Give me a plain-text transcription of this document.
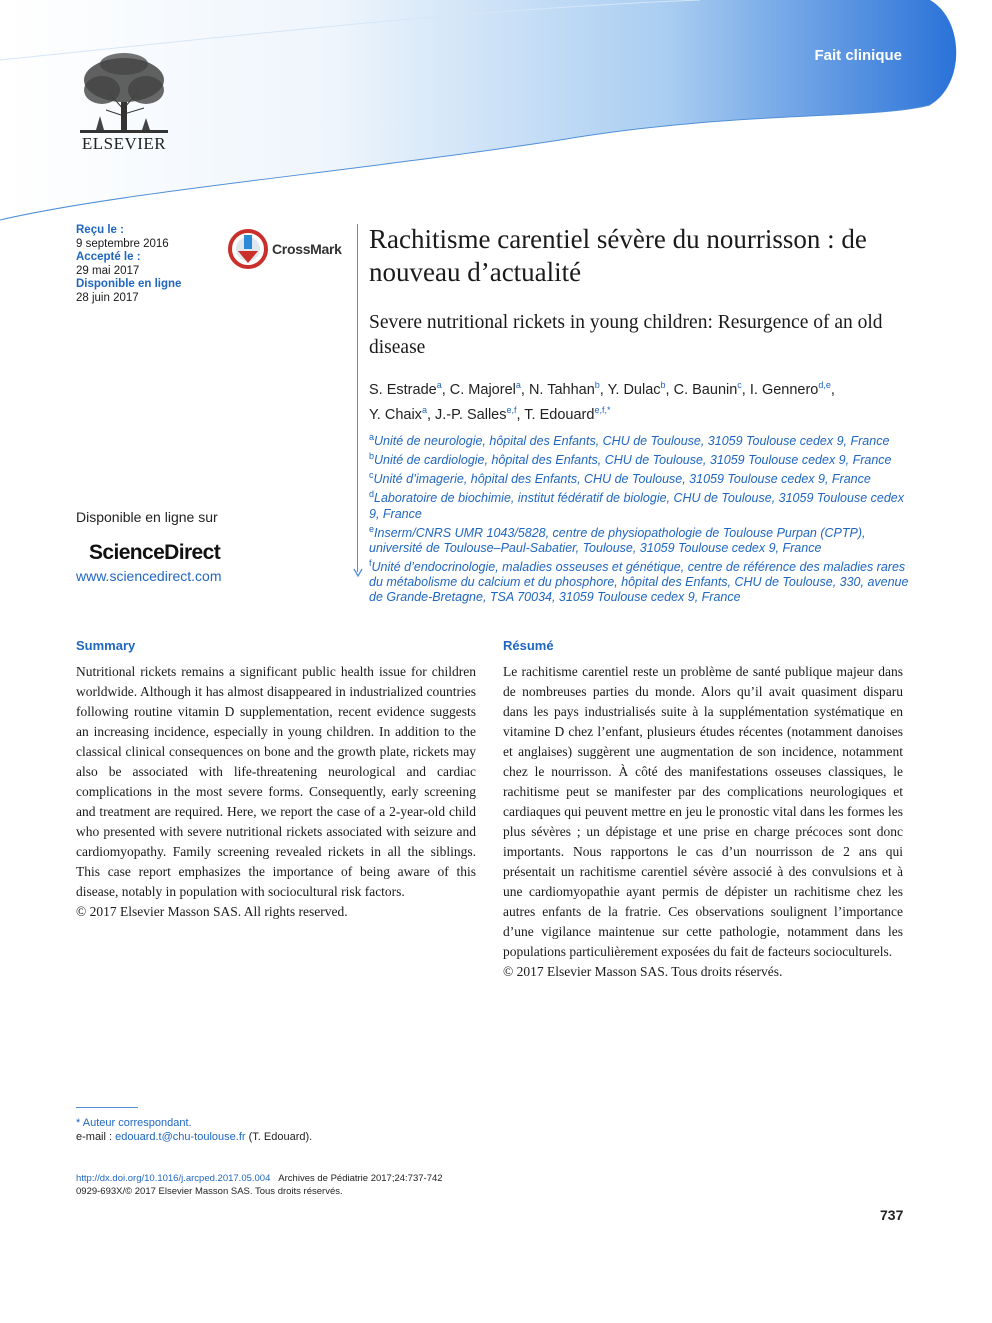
Fait clinique
ELSEVIER
Reçu le :
9 septembre 2016
Accepté le :
29 mai 2017
Disponible en ligne
28 juin 2017
CrossMark
Disponible en ligne sur
ScienceDirect
www.sciencedirect.com
Rachitisme carentiel sévère du nourrisson : de nouveau d’actualité
Severe nutritional rickets in young children: Resurgence of an old disease
S. Estrade$^a$, C. Majorel$^a$, N. Tahhan$^b$, Y. Dulac$^b$, C. Baunin$^c$, I. Gennero$^{d,e}$,
Y. Chaix$^a$, J.-P. Salles$^{e,f}$, T. Edouard$^{e,f,*}$
$^a$Unité de neurologie, hôpital des Enfants, CHU de Toulouse, 31059 Toulouse cedex 9, France
$^b$Unité de cardiologie, hôpital des Enfants, CHU de Toulouse, 31059 Toulouse cedex 9, France
$^c$Unité d’imagerie, hôpital des Enfants, CHU de Toulouse, 31059 Toulouse cedex 9, France
$^d$Laboratoire de biochimie, institut fédératif de biologie, CHU de Toulouse, 31059 Toulouse cedex 9, France
$^e$Inserm/CNRS UMR 1043/5828, centre de physiopathologie de Toulouse Purpan (CPTP), université de Toulouse–Paul-Sabatier, Toulouse, 31059 Toulouse cedex 9, France
$^f$Unité d’endocrinologie, maladies osseuses et génétique, centre de référence des maladies rares du métabolisme du calcium et du phosphore, hôpital des Enfants, CHU de Toulouse, 330, avenue de Grande-Bretagne, TSA 70034, 31059 Toulouse cedex 9, France
Summary

Nutritional rickets remains a significant public health issue for children worldwide. Although it has almost disappeared in industrialized countries following routine vitamin D supplementation, recent evidence suggests an increasing incidence, especially in young children. In addition to the classical clinical consequences on bone and the growth plate, rickets may also be associated with life-threatening neurological and cardiac complications in the most severe forms. Consequently, early screening and treatment are required. Here, we report the case of a 2-year-old child who presented with severe nutritional rickets associated with seizure and cardiomyopathy. Family screening revealed rickets in all the siblings. This case report emphasizes the importance of being aware of this disease, notably in population with sociocultural risk factors.

© 2017 Elsevier Masson SAS. All rights reserved.

Résumé

Le rachitisme carentiel reste un problème de santé publique majeur dans de nombreuses parties du monde. Alors qu’il avait quasiment disparu dans les pays industrialisés suite à la supplémentation systématique en vitamine D chez l’enfant, plusieurs études récentes (notamment danoises et anglaises) suggèrent une augmentation de son incidence, notamment chez le nourrisson. À côté des manifestations osseuses classiques, le rachitisme peut se manifester par des complications neurologiques et cardiaques qui peuvent mettre en jeu le pronostic vital dans les formes les plus sévères ; un dépistage et une prise en charge précoces sont donc importants. Nous rapportons le cas d’un nourrisson de 2 ans qui présentait un rachitisme carentiel sévère associé à des convulsions et à une cardiomyopathie ayant permis de dépister un rachitisme chez les autres enfants de la fratrie. Ces observations soulignent l’importance d’une vigilance maintenue sur cette pathologie, notamment dans les populations particulièrement exposées du fait de facteurs socioculturels.

© 2017 Elsevier Masson SAS. Tous droits réservés.

* Auteur correspondant.
e-mail : edouard.t@chu-toulouse.fr (T. Edouard).
http://dx.doi.org/10.1016/j.arcped.2017.05.004 Archives de Pédiatrie 2017;24:737-742
0929-693X/© 2017 Elsevier Masson SAS. Tous droits réservés.
737
